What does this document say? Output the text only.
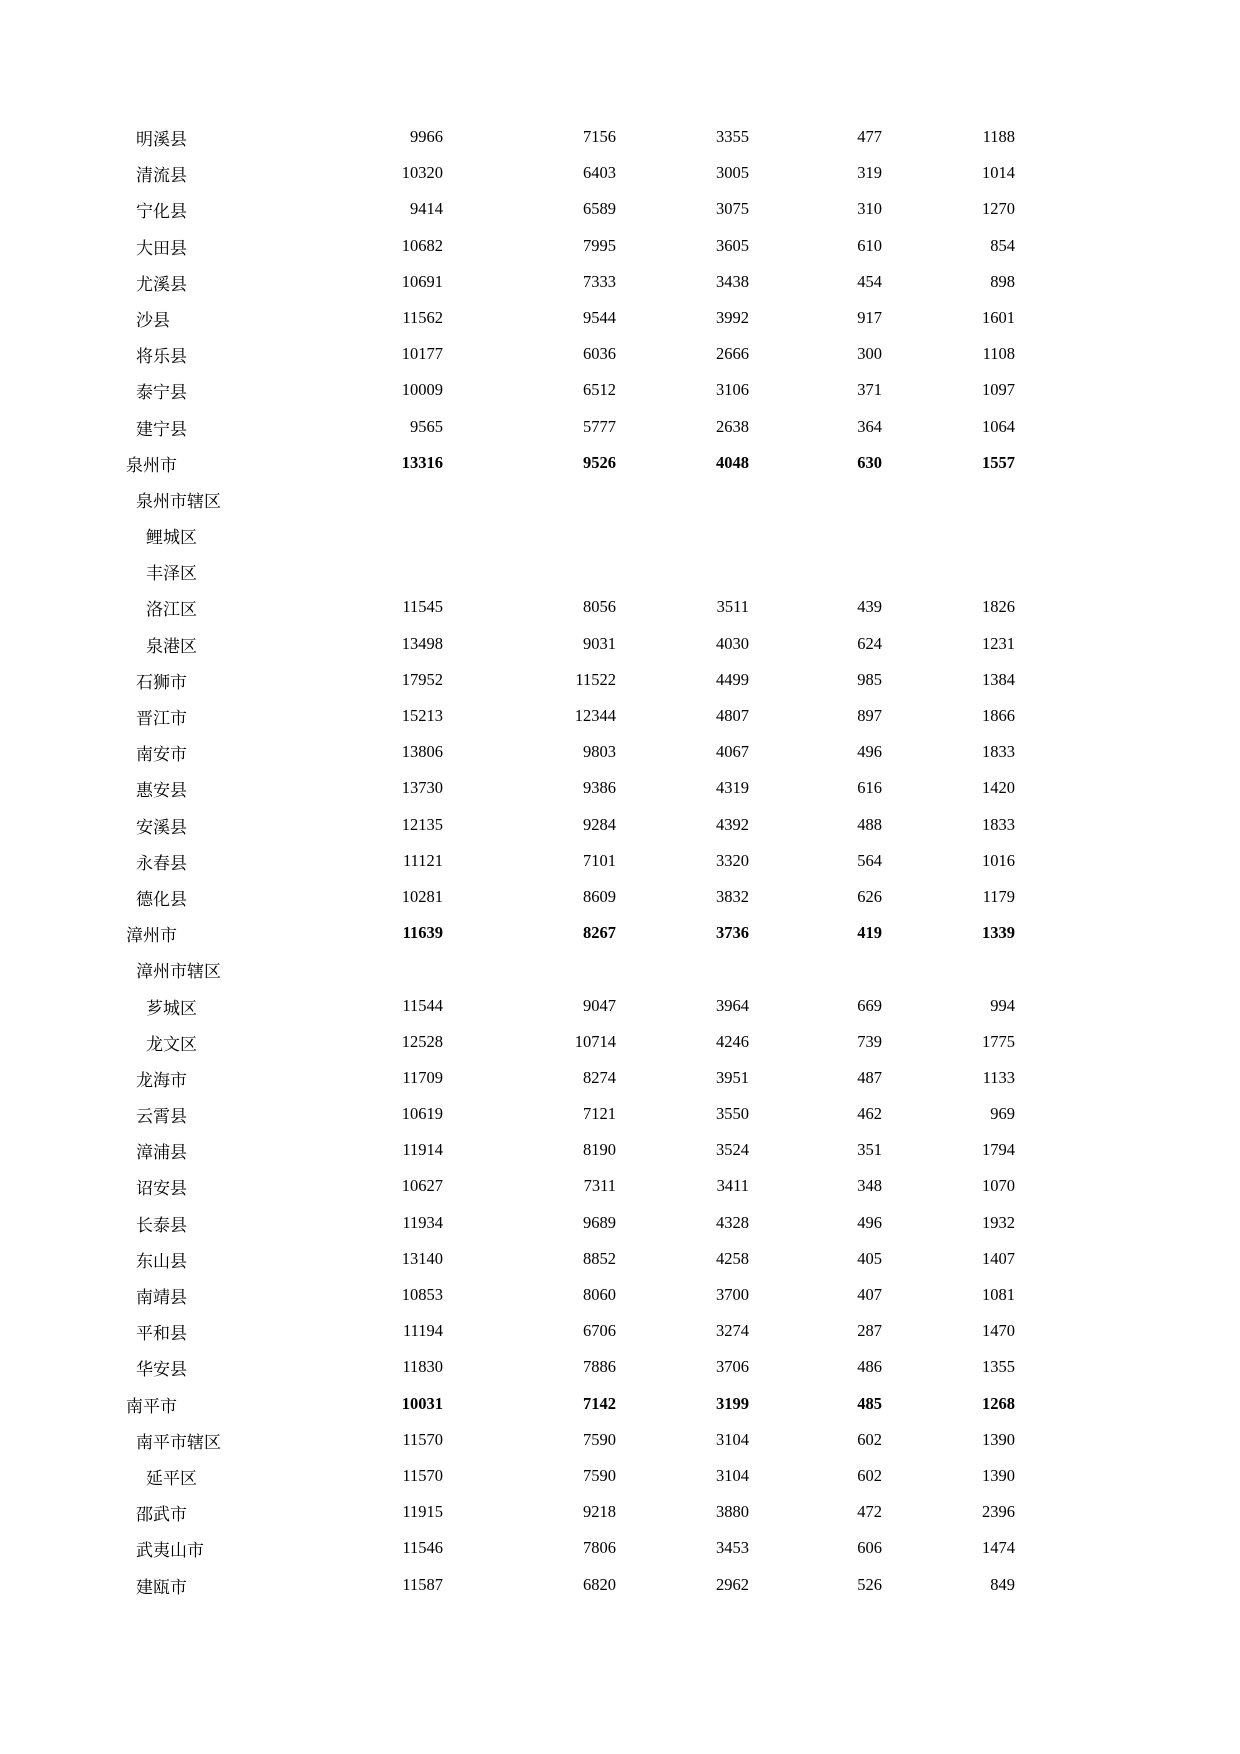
明溪县	9966	7156	3355	477	1188
清流县	10320	6403	3005	319	1014
宁化县	9414	6589	3075	310	1270
大田县	10682	7995	3605	610	854
尤溪县	10691	7333	3438	454	898
沙县	11562	9544	3992	917	1601
将乐县	10177	6036	2666	300	1108
泰宁县	10009	6512	3106	371	1097
建宁县	9565	5777	2638	364	1064
泉州市	13316	9526	4048	630	1557
泉州市辖区
鲤城区
丰泽区
洛江区	11545	8056	3511	439	1826
泉港区	13498	9031	4030	624	1231
石狮市	17952	11522	4499	985	1384
晋江市	15213	12344	4807	897	1866
南安市	13806	9803	4067	496	1833
惠安县	13730	9386	4319	616	1420
安溪县	12135	9284	4392	488	1833
永春县	11121	7101	3320	564	1016
德化县	10281	8609	3832	626	1179
漳州市	11639	8267	3736	419	1339
漳州市辖区
芗城区	11544	9047	3964	669	994
龙文区	12528	10714	4246	739	1775
龙海市	11709	8274	3951	487	1133
云霄县	10619	7121	3550	462	969
漳浦县	11914	8190	3524	351	1794
诏安县	10627	7311	3411	348	1070
长泰县	11934	9689	4328	496	1932
东山县	13140	8852	4258	405	1407
南靖县	10853	8060	3700	407	1081
平和县	11194	6706	3274	287	1470
华安县	11830	7886	3706	486	1355
南平市	10031	7142	3199	485	1268
南平市辖区	11570	7590	3104	602	1390
延平区	11570	7590	3104	602	1390
邵武市	11915	9218	3880	472	2396
武夷山市	11546	7806	3453	606	1474
建瓯市	11587	6820	2962	526	849
